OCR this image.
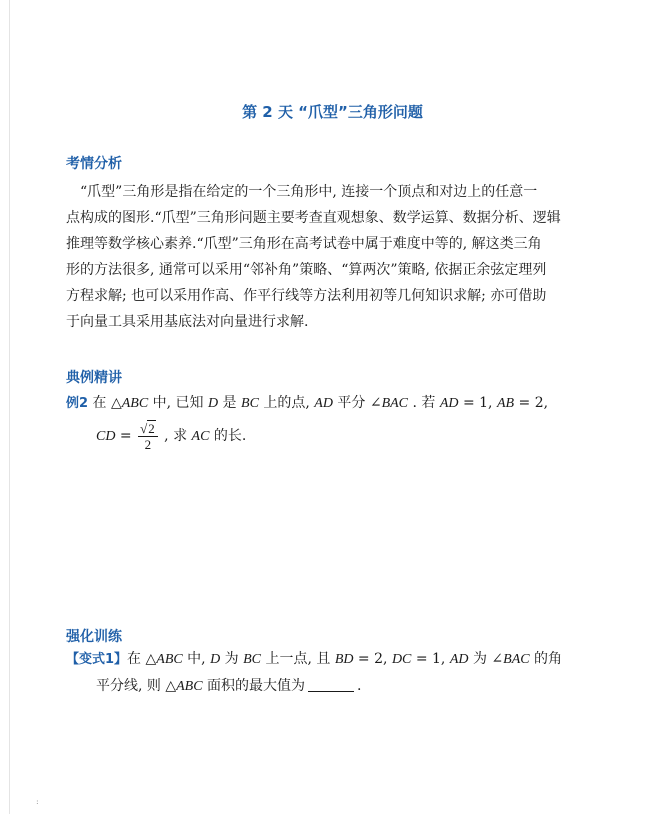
第 2 天 “爪型”三角形问题
考情分析
“爪型”三角形是指在给定的一个三角形中, 连接一个顶点和对边上的任意一
点构成的图形.“爪型”三角形问题主要考查直观想象、数学运算、数据分析、逻辑
推理等数学核心素养.“爪型”三角形在高考试卷中属于难度中等的, 解这类三角
形的方法很多, 通常可以采用“邻补角”策略、“算两次”策略, 依据正余弦定理列
方程求解; 也可以采用作高、作平行线等方法利用初等几何知识求解; 亦可借助
于向量工具采用基底法对向量进行求解.
典例精讲
例2 在 △ABC 中, 已知 D 是 BC 上的点, AD 平分 ∠BAC . 若 AD = 1, AB = 2,
CD = $\frac{√2}{2}$ , 求 AC 的长.
强化训练
【变式1】在 △ABC 中, D 为 BC 上一点, 且 BD = 2, DC = 1, AD 为 ∠BAC 的角
平分线, 则 △ABC 面积的最大值为	.
:
